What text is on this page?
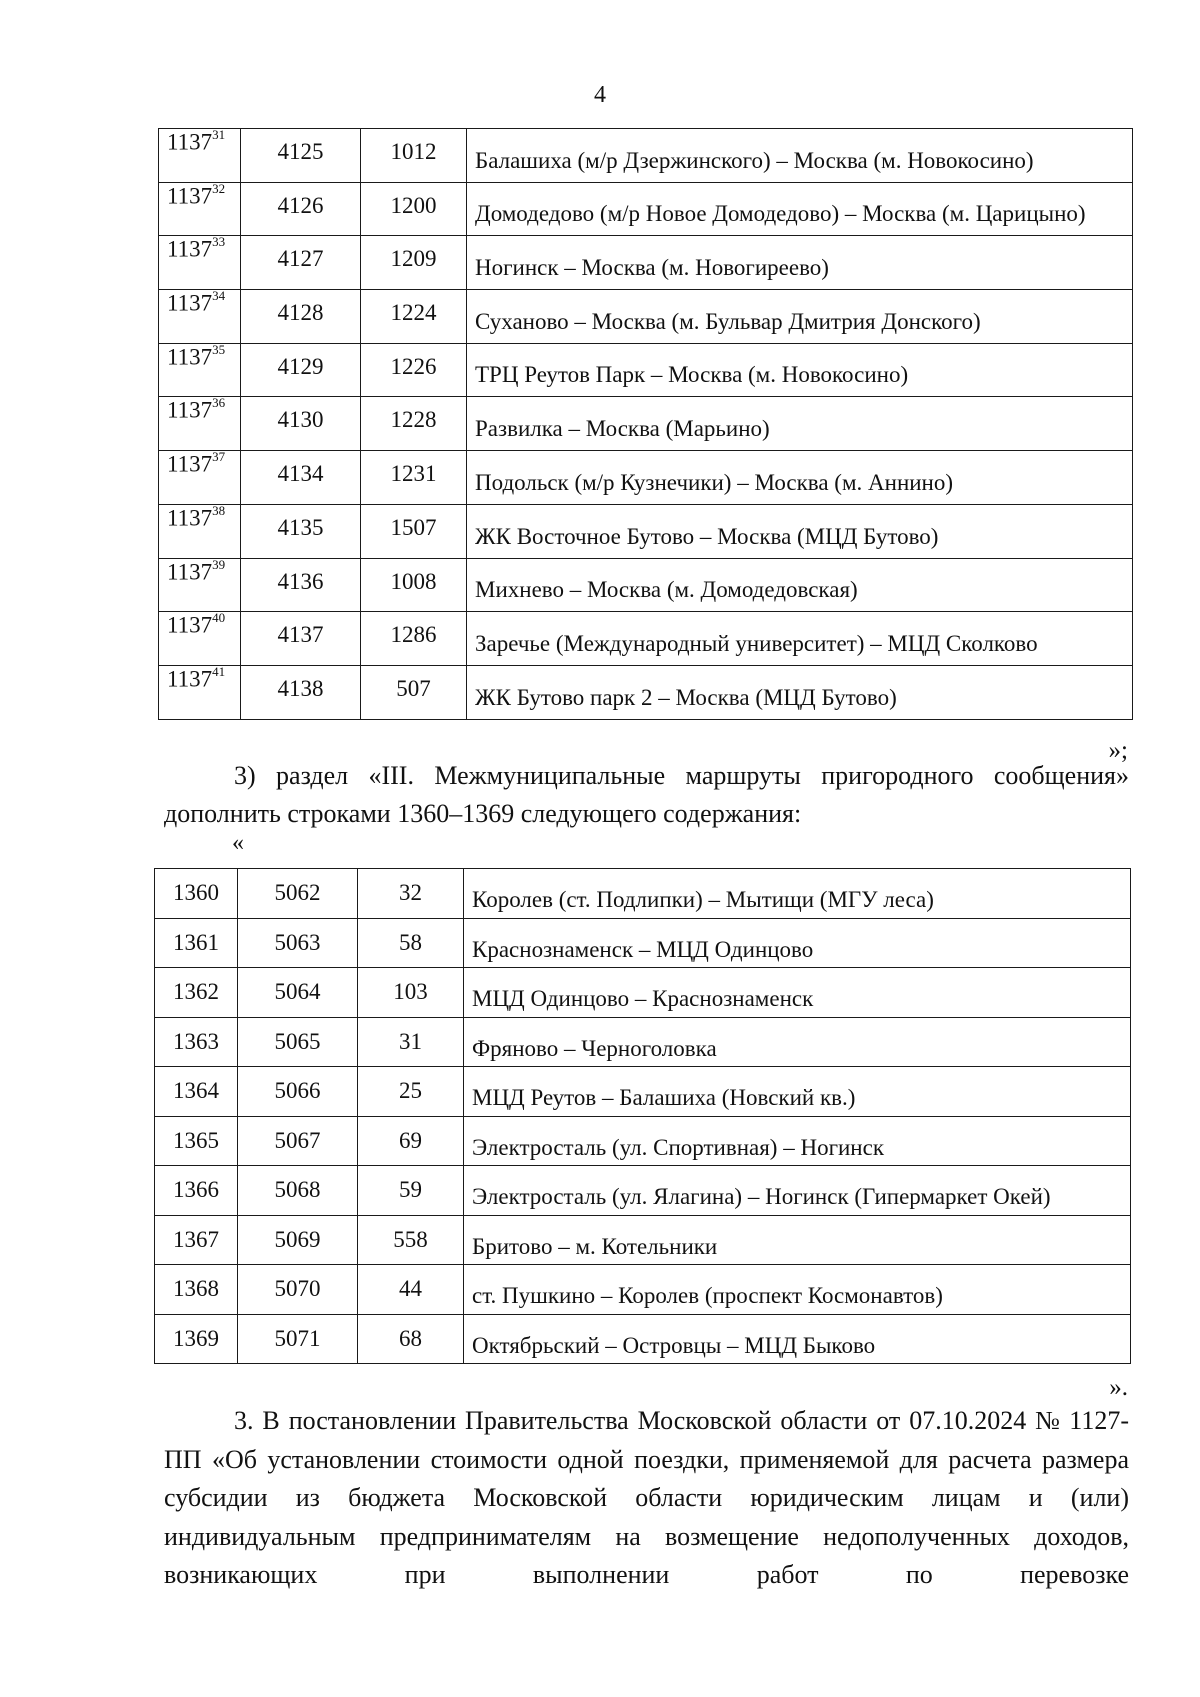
4
1137$^{31}$	4125	1012	Балашиха (м/р Дзержинского) – Москва (м. Новокосино)
1137$^{32}$	4126	1200	Домодедово (м/р Новое Домодедово) – Москва (м. Царицыно)
1137$^{33}$	4127	1209	Ногинск – Москва (м. Новогиреево)
1137$^{34}$	4128	1224	Суханово – Москва (м. Бульвар Дмитрия Донского)
1137$^{35}$	4129	1226	ТРЦ Реутов Парк – Москва (м. Новокосино)
1137$^{36}$	4130	1228	Развилка – Москва (Марьино)
1137$^{37}$	4134	1231	Подольск (м/р Кузнечики) – Москва (м. Аннино)
1137$^{38}$	4135	1507	ЖК Восточное Бутово – Москва (МЦД Бутово)
1137$^{39}$	4136	1008	Михнево – Москва (м. Домодедовская)
1137$^{40}$	4137	1286	Заречье (Международный университет) – МЦД Сколково
1137$^{41}$	4138	507	ЖК Бутово парк 2 – Москва (МЦД Бутово)
»;
3) раздел «III. Межмуниципальные маршруты пригородного сообщения»
дополнить строками 1360–1369 следующего содержания:
«
1360	5062	32	Королев (ст. Подлипки) – Мытищи (МГУ леса)
1361	5063	58	Краснознаменск – МЦД Одинцово
1362	5064	103	МЦД Одинцово – Краснознаменск
1363	5065	31	Фряново – Черноголовка
1364	5066	25	МЦД Реутов – Балашиха (Новский кв.)
1365	5067	69	Электросталь (ул. Спортивная) – Ногинск
1366	5068	59	Электросталь (ул. Ялагина) – Ногинск (Гипермаркет Окей)
1367	5069	558	Бритово – м. Котельники
1368	5070	44	ст. Пушкино – Королев (проспект Космонавтов)
1369	5071	68	Октябрьский – Островцы – МЦД Быково
».
3. В постановлении Правительства Московской области от 07.10.2024 № 1127-ПП «Об установлении стоимости одной поездки, применяемой для расчета размера субсидии из бюджета Московской области юридическим лицам и (или) индивидуальным предпринимателям на возмещение недополученных доходов, возникающих при выполнении работ по перевозке
